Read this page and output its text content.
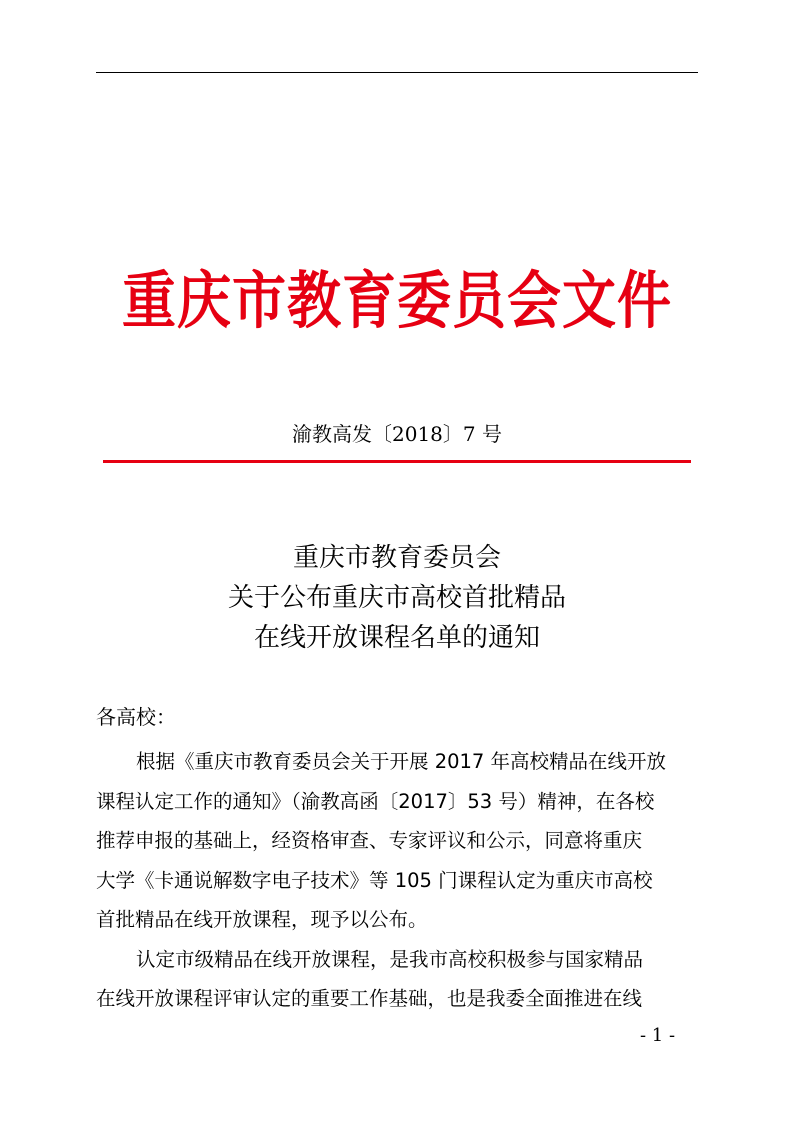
重庆市教育委员会文件
渝教高发〔2018〕7 号
重庆市教育委员会
关于公布重庆市高校首批精品
在线开放课程名单的通知
各高校：
根据《重庆市教育委员会关于开展 2017 年高校精品在线开放
课程认定工作的通知》（渝教高函〔2017〕53 号）精神，在各校
推荐申报的基础上，经资格审查、专家评议和公示，同意将重庆
大学《卡通说解数字电子技术》等 105 门课程认定为重庆市高校
首批精品在线开放课程，现予以公布。
认定市级精品在线开放课程，是我市高校积极参与国家精品
在线开放课程评审认定的重要工作基础，也是我委全面推进在线
- 1 -
